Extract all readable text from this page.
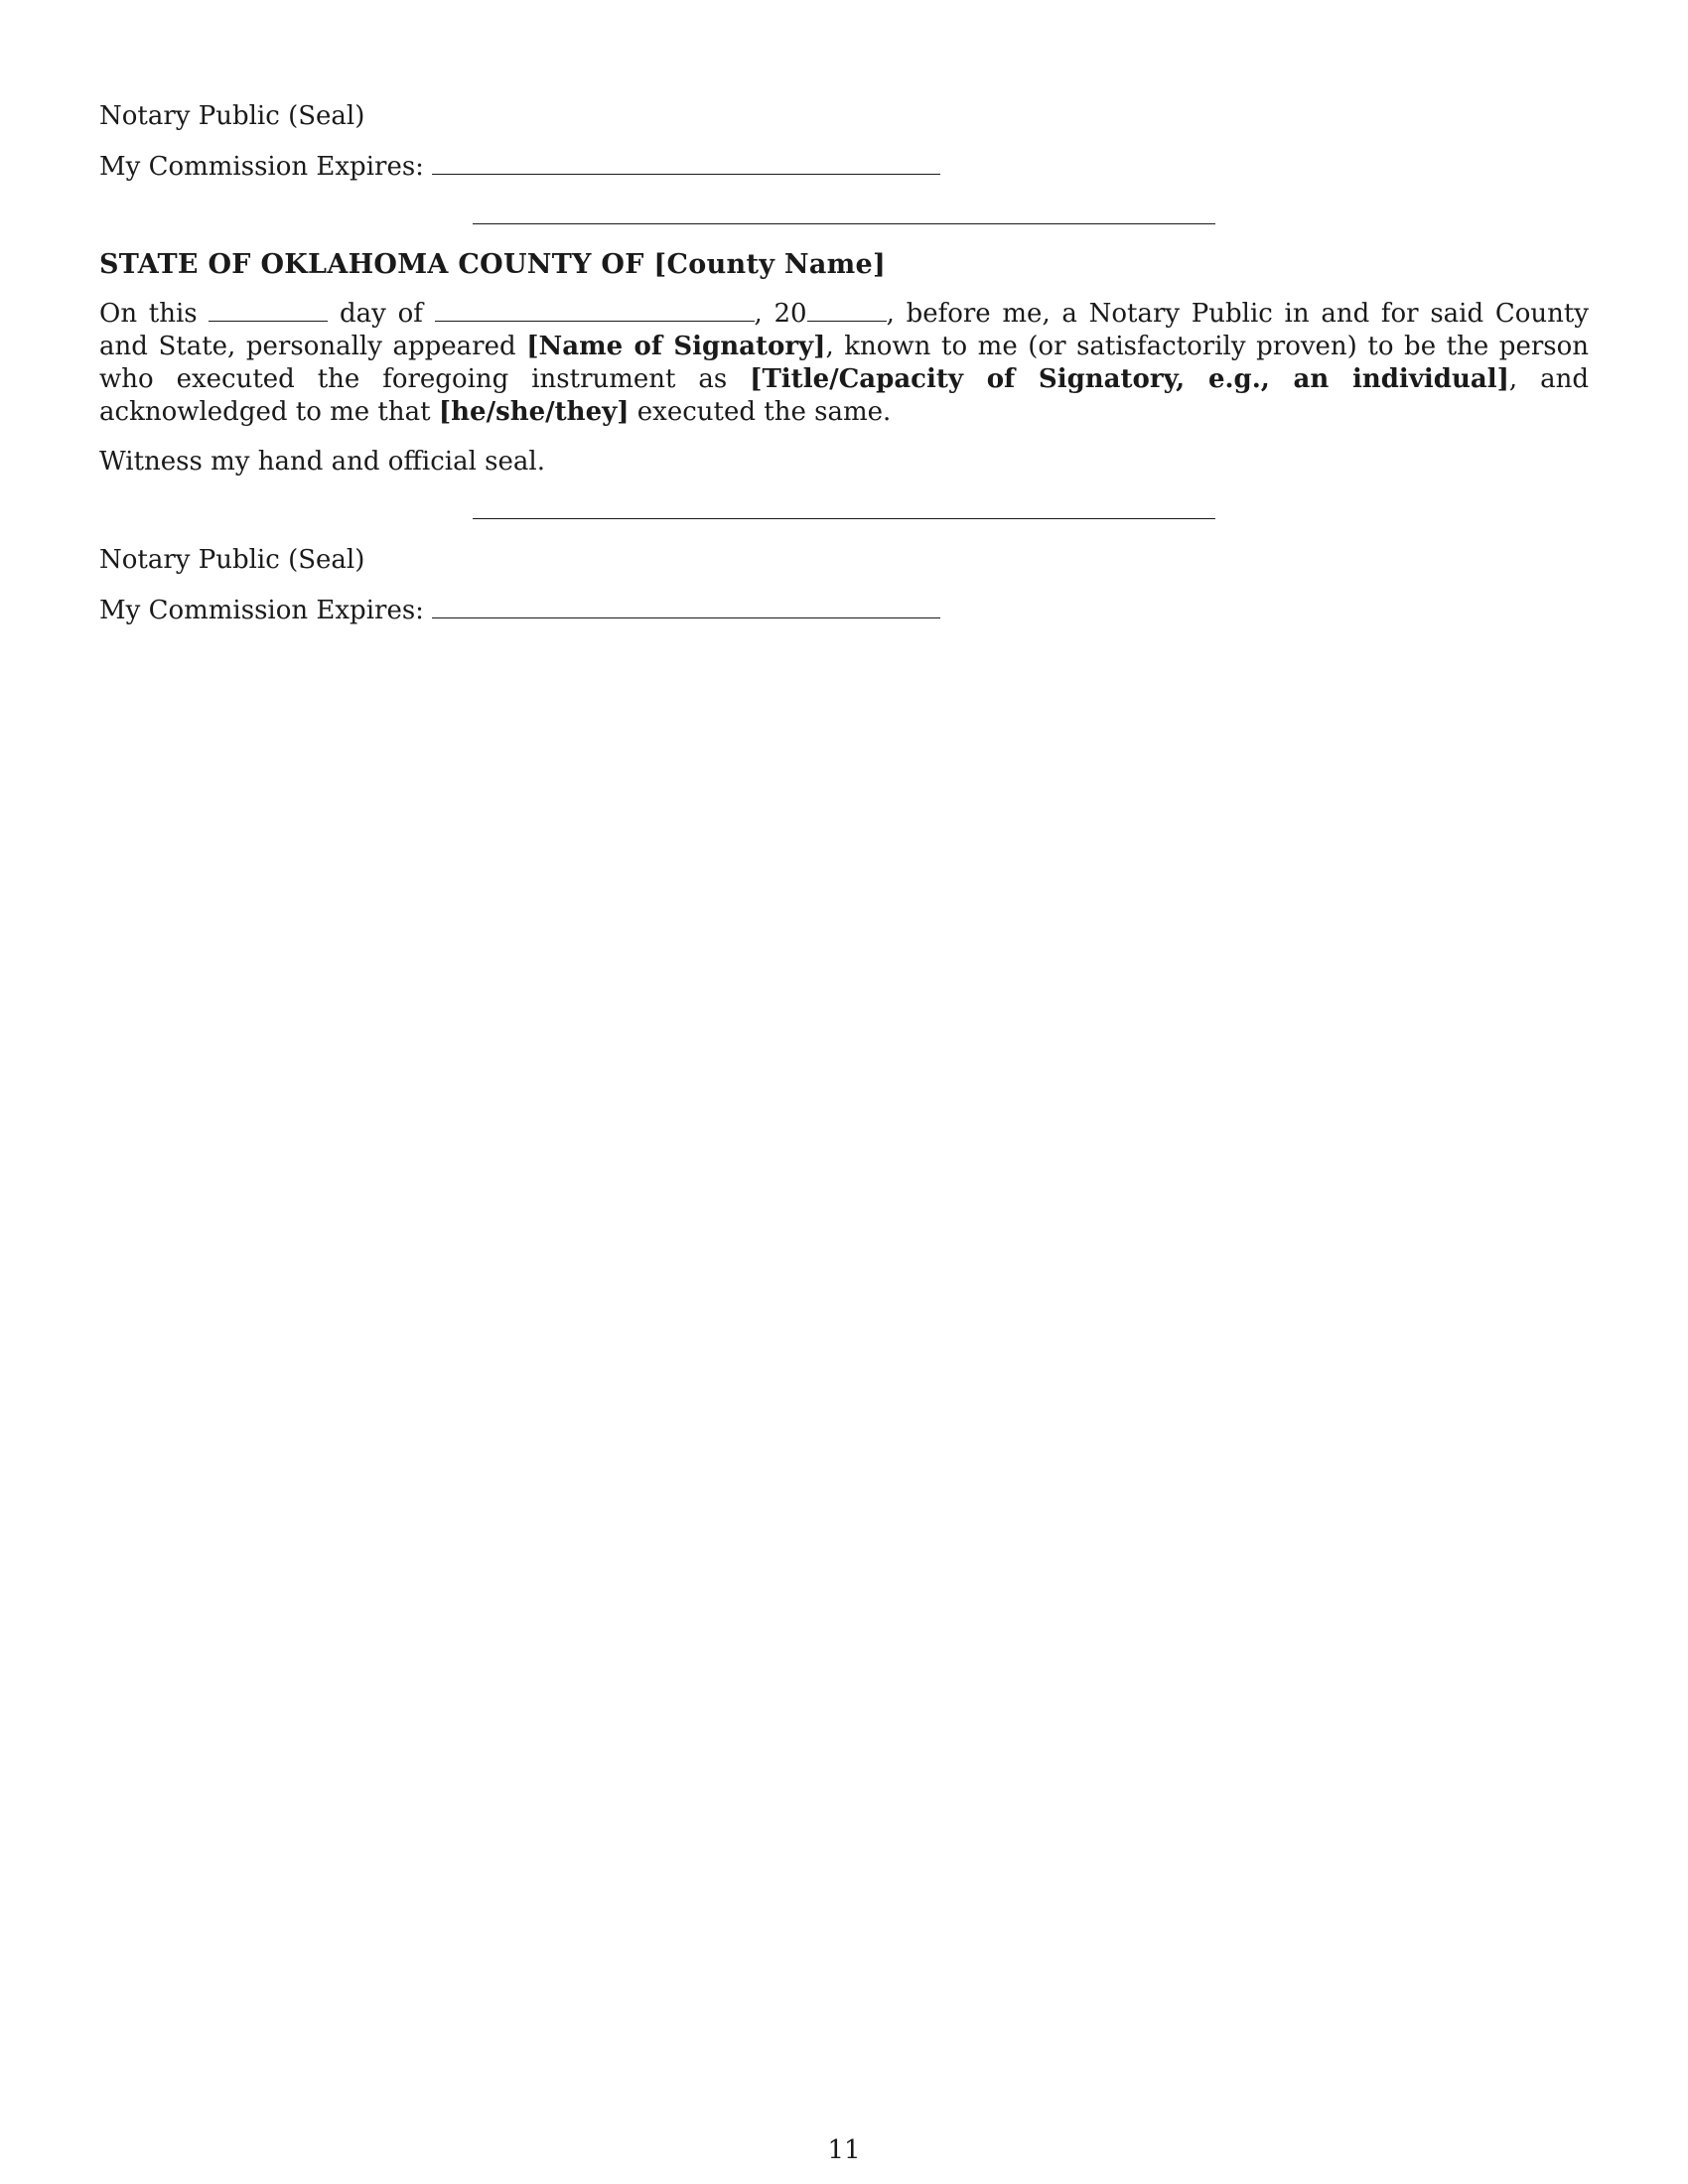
Notary Public (Seal)
My Commission Expires:
STATE OF OKLAHOMA COUNTY OF [County Name]
On this	day of	, 20	, before me, a Notary Public in and for said County and State, personally appeared [Name of Signatory], known to me (or satisfactorily proven) to be the person who executed the foregoing instrument as [Title/Capacity of Signatory, e.g., an individual], and acknowledged to me that [he/she/they] executed the same.
Witness my hand and official seal.
Notary Public (Seal)
My Commission Expires:
11
